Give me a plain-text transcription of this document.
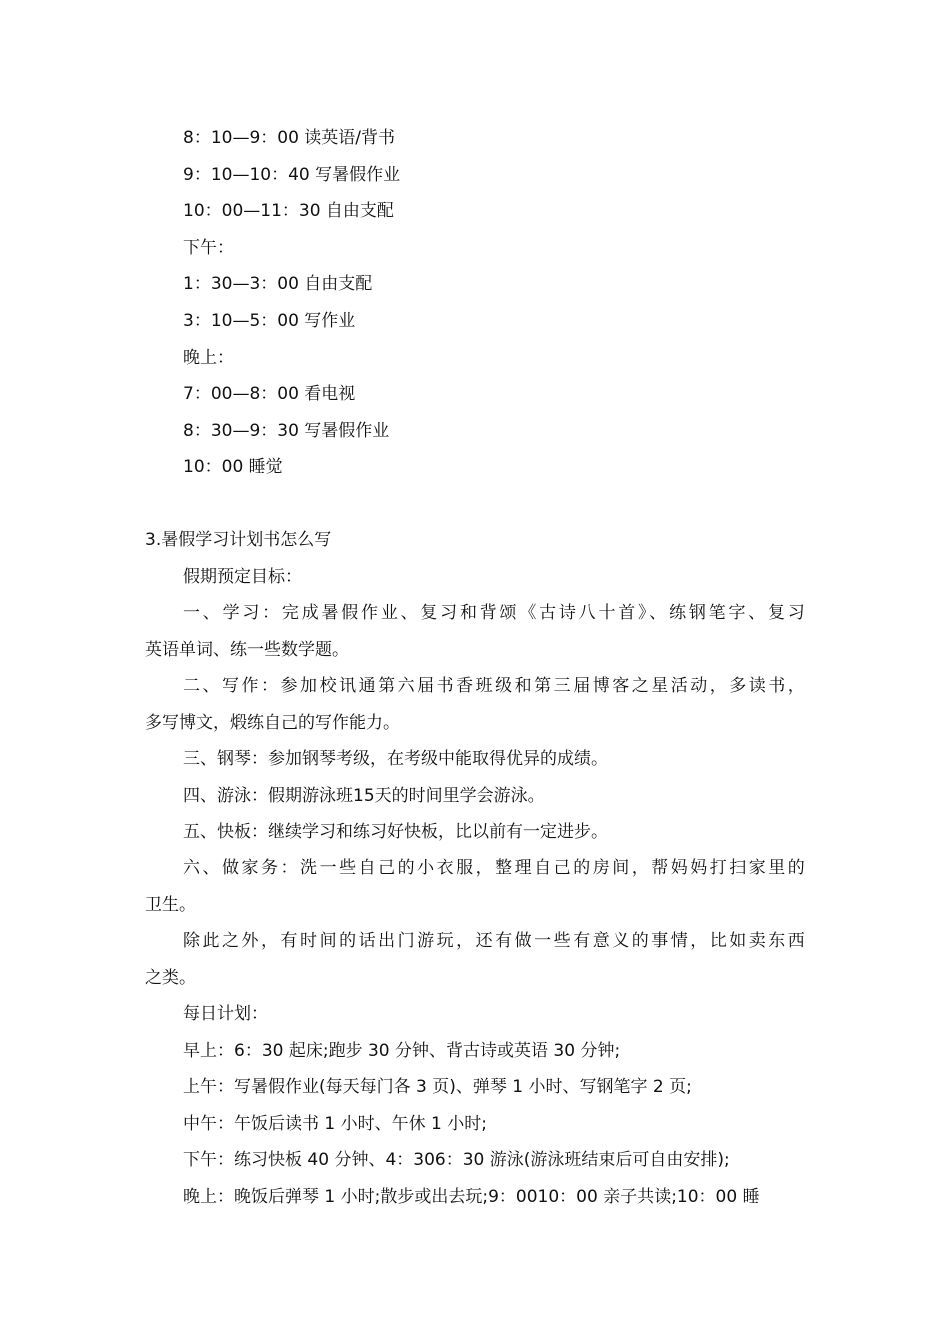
8：10—9：00 读英语/背书
9：10—10：40 写暑假作业
10：00—11：30 自由支配
下午：
1：30—3：00 自由支配
3：10—5：00 写作业
晚上：
7：00—8：00 看电视
8：30—9：30 写暑假作业
10：00 睡觉
3.暑假学习计划书怎么写
假期预定目标：
一、学习：完成暑假作业、复习和背颂《古诗八十首》、练钢笔字、复习
英语单词、练一些数学题。
二、写作：参加校讯通第六届书香班级和第三届博客之星活动，多读书，
多写博文，煅练自己的写作能力。
三、钢琴：参加钢琴考级，在考级中能取得优异的成绩。
四、游泳：假期游泳班15天的时间里学会游泳。
五、快板：继续学习和练习好快板，比以前有一定进步。
六、做家务：洗一些自己的小衣服，整理自己的房间，帮妈妈打扫家里的
卫生。
除此之外，有时间的话出门游玩，还有做一些有意义的事情，比如卖东西
之类。
每日计划：
早上：6：30 起床;跑步 30 分钟、背古诗或英语 30 分钟;
上午：写暑假作业(每天每门各 3 页)、弹琴 1 小时、写钢笔字 2 页;
中午：午饭后读书 1 小时、午休 1 小时;
下午：练习快板 40 分钟、4：306：30 游泳(游泳班结束后可自由安排);
晚上：晚饭后弹琴 1 小时;散步或出去玩;9：0010：00 亲子共读;10：00 睡
